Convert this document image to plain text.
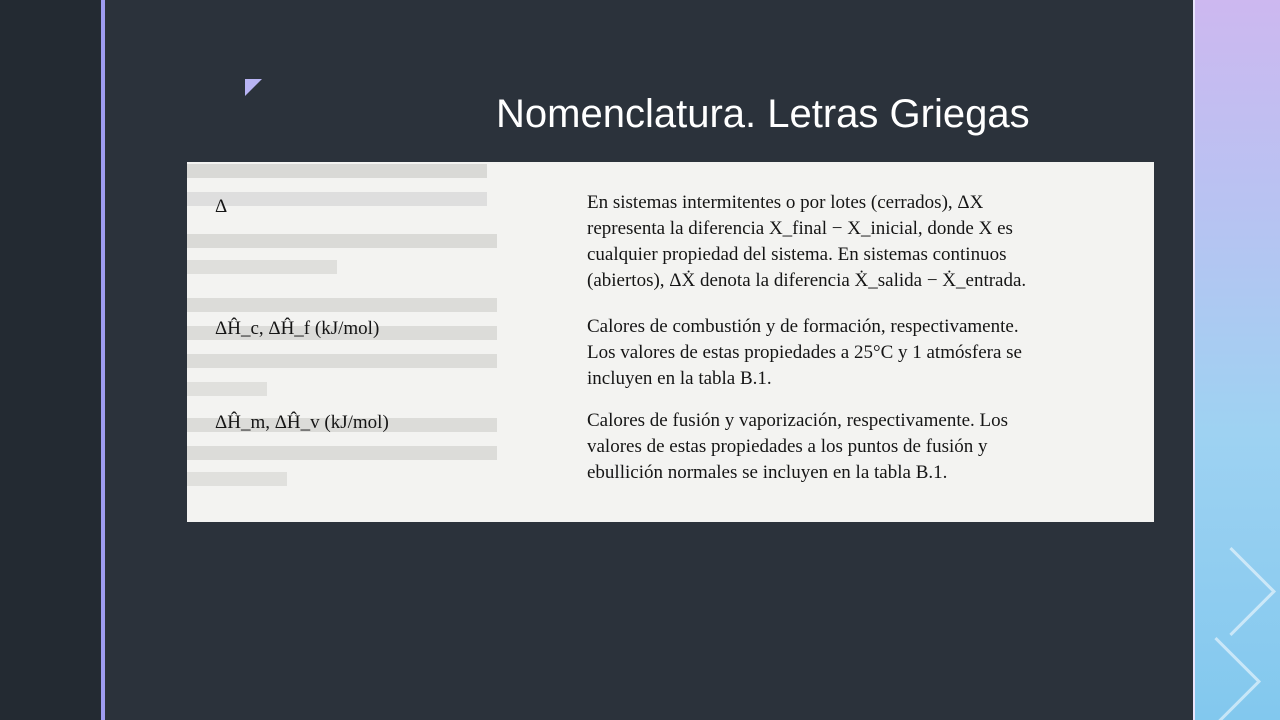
Nomenclatura. Letras Griegas
Δ	En sistemas intermitentes o por lotes (cerrados), ΔX

representa la diferencia X_final − X_inicial, donde X es

cualquier propiedad del sistema. En sistemas continuos

(abiertos), ΔẊ denota la diferencia Ẋ_salida − Ẋ_entrada.

ΔĤ_c, ΔĤ_f (kJ/mol)	Calores de combustión y de formación, respectivamente.

Los valores de estas propiedades a 25°C y 1 atmósfera se

incluyen en la tabla B.1.

ΔĤ_m, ΔĤ_v (kJ/mol)	Calores de fusión y vaporización, respectivamente. Los

valores de estas propiedades a los puntos de fusión y

ebullición normales se incluyen en la tabla B.1.
